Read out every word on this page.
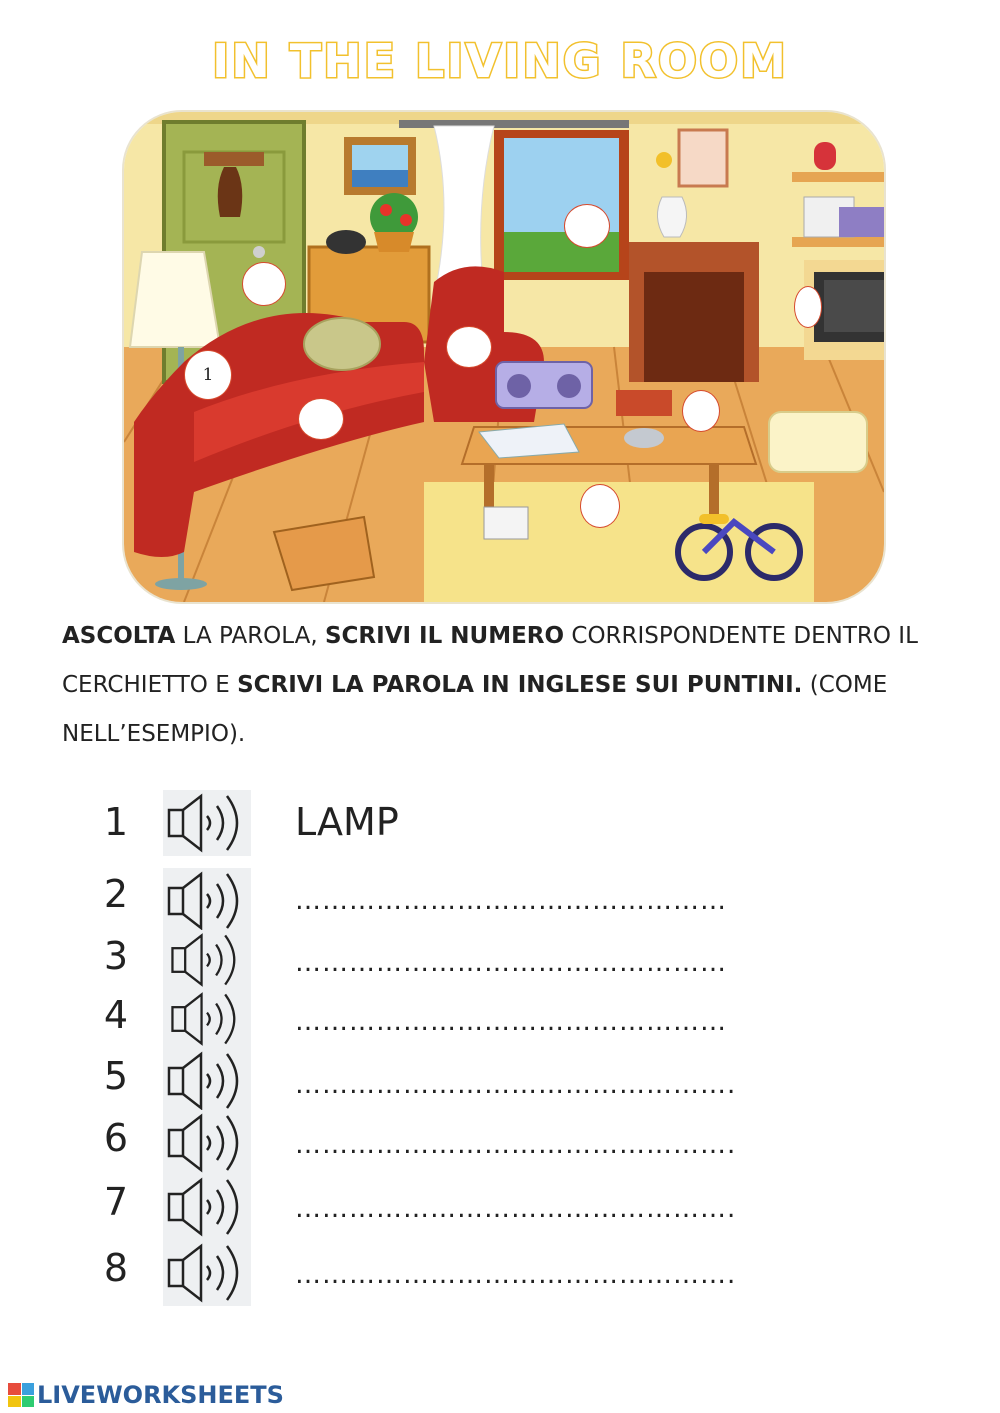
IN THE LIVING ROOM
1
ASCOLTA LA PAROLA, SCRIVI IL NUMERO CORRISPONDENTE DENTRO IL CERCHIETTO E SCRIVI LA PAROLA IN INGLESE SUI PUNTINI. (COME NELL’ESEMPIO).
1	LAMP
2	…………………………………………
3	…………………………………………
4	…………………………………………
5	………………………………………….
6	………………………………………….
7	………………………………………….
8	………………………………………….
LIVEWORKSHEETS
